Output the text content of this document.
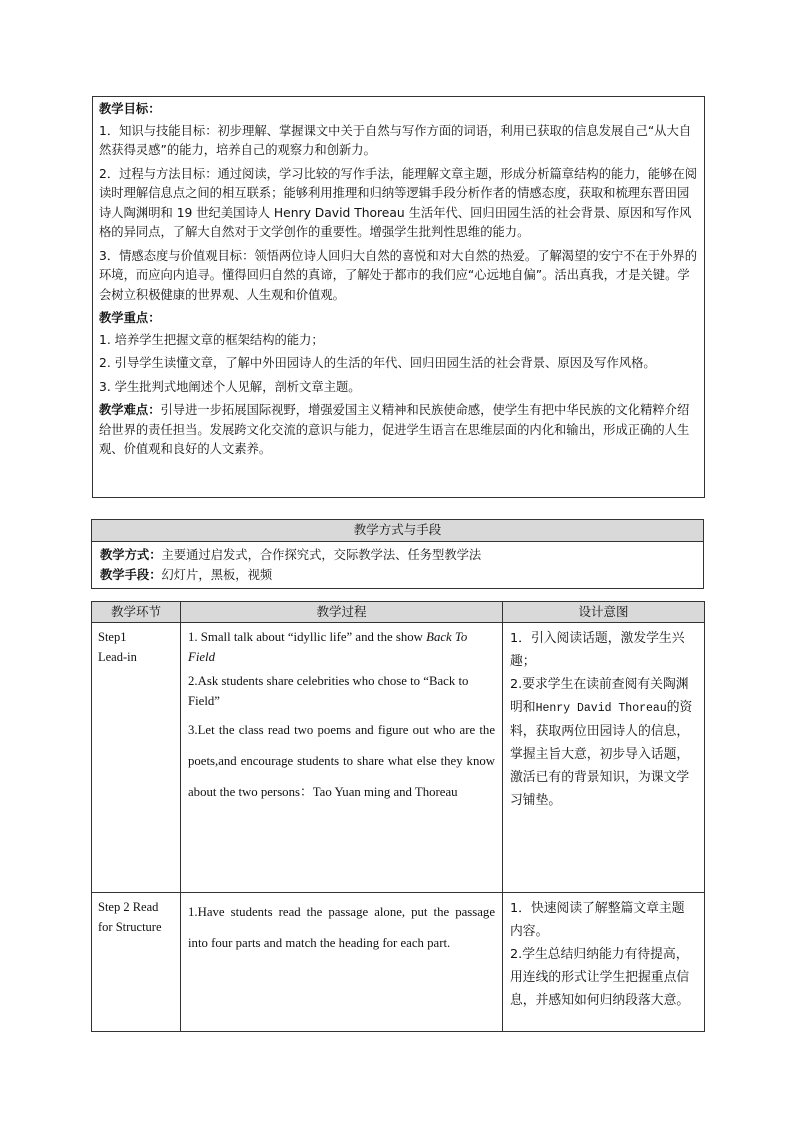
教学目标：

1．知识与技能目标：初步理解、掌握课文中关于自然与写作方面的词语，利用已获取的信息发展自己“从大自然获得灵感”的能力，培养自己的观察力和创新力。

2．过程与方法目标：通过阅读，学习比较的写作手法，能理解文章主题，形成分析篇章结构的能力，能够在阅读时理解信息点之间的相互联系；能够利用推理和归纳等逻辑手段分析作者的情感态度，获取和梳理东晋田园诗人陶渊明和 19 世纪美国诗人 Henry David Thoreau 生活年代、回归田园生活的社会背景、原因和写作风格的异同点，了解大自然对于文学创作的重要性。增强学生批判性思维的能力。

3．情感态度与价值观目标：领悟两位诗人回归大自然的喜悦和对大自然的热爱。了解渴望的安宁不在于外界的环境，而应向内追寻。懂得回归自然的真谛，了解处于都市的我们应“心远地自偏”。活出真我，才是关键。学会树立积极健康的世界观、人生观和价值观。

教学重点：

1. 培养学生把握文章的框架结构的能力；

2. 引导学生读懂文章，了解中外田园诗人的生活的年代、回归田园生活的社会背景、原因及写作风格。

3. 学生批判式地阐述个人见解，剖析文章主题。

教学难点：引导进一步拓展国际视野，增强爱国主义精神和民族使命感，使学生有把中华民族的文化精粹介绍给世界的责任担当。发展跨文化交流的意识与能力，促进学生语言在思维层面的内化和输出，形成正确的人生观、价值观和良好的人文素养。

教学方式与手段

教学方式：主要通过启发式，合作探究式，交际教学法、任务型教学法
教学手段：幻灯片，黑板，视频
教学环节	教学过程	设计意图

Step1
Lead-in	1. Small talk about “idyllic life” and the show Back To Field
2.Ask students share celebrities who chose to “Back to Field”
3.Let the class read two poems and figure out who are the poets,and encourage students to share what else they know about the two persons：Tao Yuan ming and Thoreau	1．引入阅读话题，激发学生兴趣；
2.要求学生在读前查阅有关陶渊明和Henry David Thoreau的资料，获取两位田园诗人的信息，掌握主旨大意，初步导入话题，激活已有的背景知识，为课文学习铺垫。

Step 2 Read
for Structure	1.Have students read the passage alone, put the passage into four parts and match the heading for each part.	1．快速阅读了解整篇文章主题内容。
2.学生总结归纳能力有待提高，用连线的形式让学生把握重点信息，并感知如何归纳段落大意。
